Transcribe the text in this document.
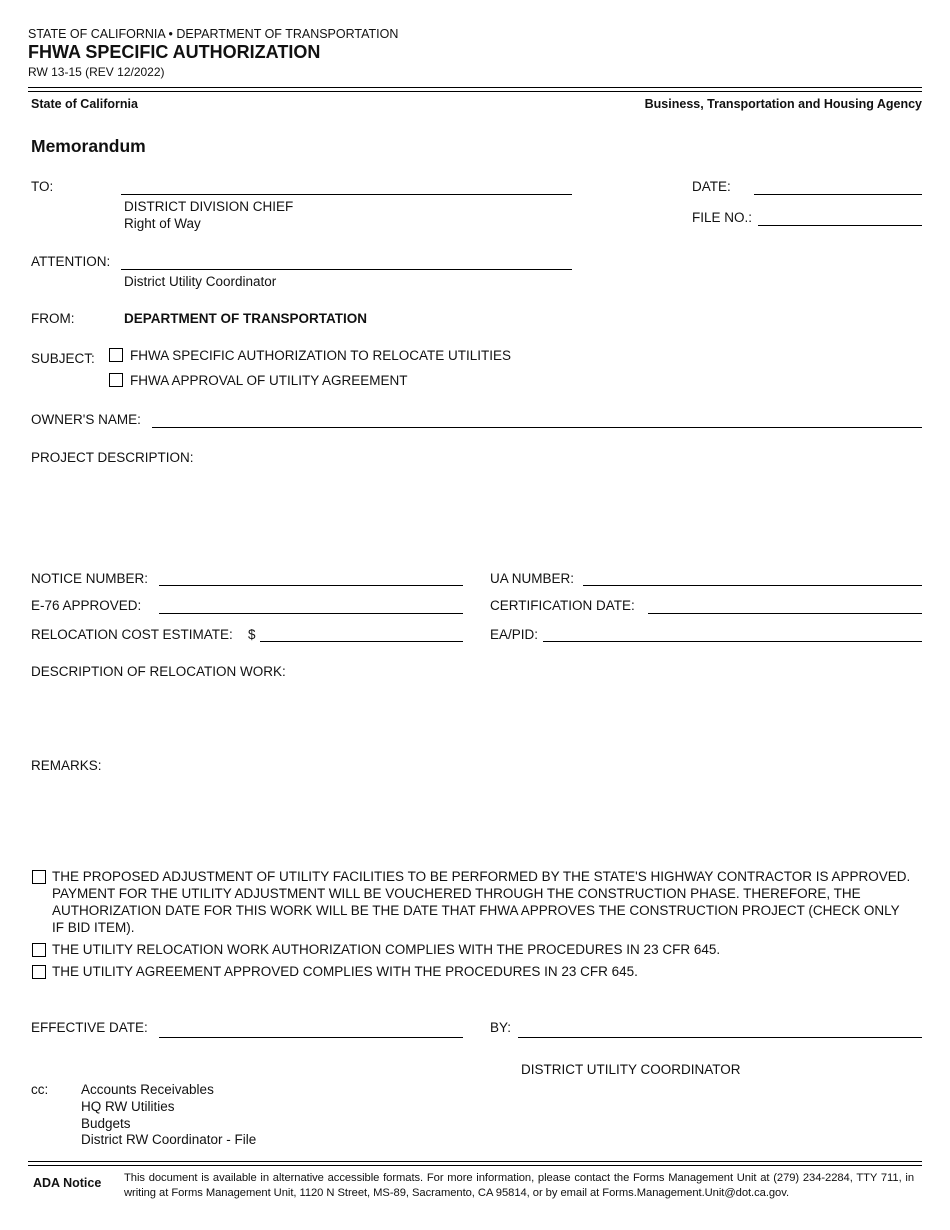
STATE OF CALIFORNIA • DEPARTMENT OF TRANSPORTATION
FHWA SPECIFIC AUTHORIZATION
RW 13-15 (REV 12/2022)
State of California	Business, Transportation and Housing Agency
Memorandum
TO:
DISTRICT DIVISION CHIEF
Right of Way
DATE:
FILE NO.:
ATTENTION:
District Utility Coordinator
FROM:	DEPARTMENT OF TRANSPORTATION
SUBJECT:	FHWA SPECIFIC AUTHORIZATION TO RELOCATE UTILITIES
FHWA APPROVAL OF UTILITY AGREEMENT
OWNER'S NAME:
PROJECT DESCRIPTION:
NOTICE NUMBER:	UA NUMBER:
E-76 APPROVED:	CERTIFICATION DATE:
RELOCATION COST ESTIMATE: $	EA/PID:
DESCRIPTION OF RELOCATION WORK:
REMARKS:
THE PROPOSED ADJUSTMENT OF UTILITY FACILITIES TO BE PERFORMED BY THE STATE'S HIGHWAY CONTRACTOR IS APPROVED. PAYMENT FOR THE UTILITY ADJUSTMENT WILL BE VOUCHERED THROUGH THE CONSTRUCTION PHASE. THEREFORE, THE AUTHORIZATION DATE FOR THIS WORK WILL BE THE DATE THAT FHWA APPROVES THE CONSTRUCTION PROJECT (CHECK ONLY IF BID ITEM).
THE UTILITY RELOCATION WORK AUTHORIZATION COMPLIES WITH THE PROCEDURES IN 23 CFR 645.
THE UTILITY AGREEMENT APPROVED COMPLIES WITH THE PROCEDURES IN 23 CFR 645.
EFFECTIVE DATE:	BY:
DISTRICT UTILITY COORDINATOR
cc: Accounts Receivables
HQ RW Utilities
Budgets
District RW Coordinator - File
ADA Notice This document is available in alternative accessible formats. For more information, please contact the Forms Management Unit at (279) 234-2284, TTY 711, in writing at Forms Management Unit, 1120 N Street, MS-89, Sacramento, CA 95814, or by email at Forms.Management.Unit@dot.ca.gov.
